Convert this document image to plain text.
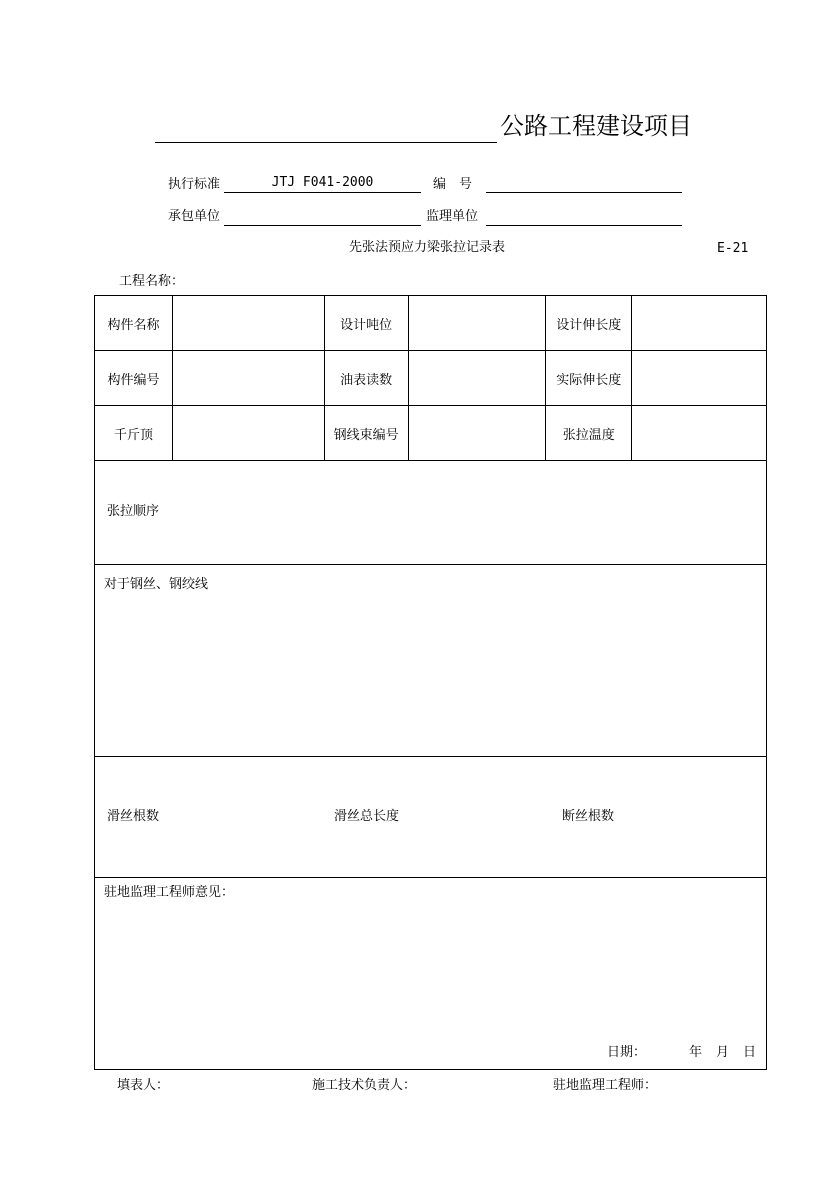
公路工程建设项目
执行标准	JTJ F041-2000	编　号
承包单位	监理单位
先张法预应力梁张拉记录表	E-21
工程名称：
构件名称		设计吨位		设计伸长度	
构件编号		油表读数		实际伸长度	
千斤顶		钢线束编号		张拉温度	
张拉顺序
对于钢丝、钢绞线
滑丝根数	滑丝总长度	断丝根数
驻地监理工程师意见：
日期：	年 月 日
填表人：	施工技术负责人：	驻地监理工程师：
